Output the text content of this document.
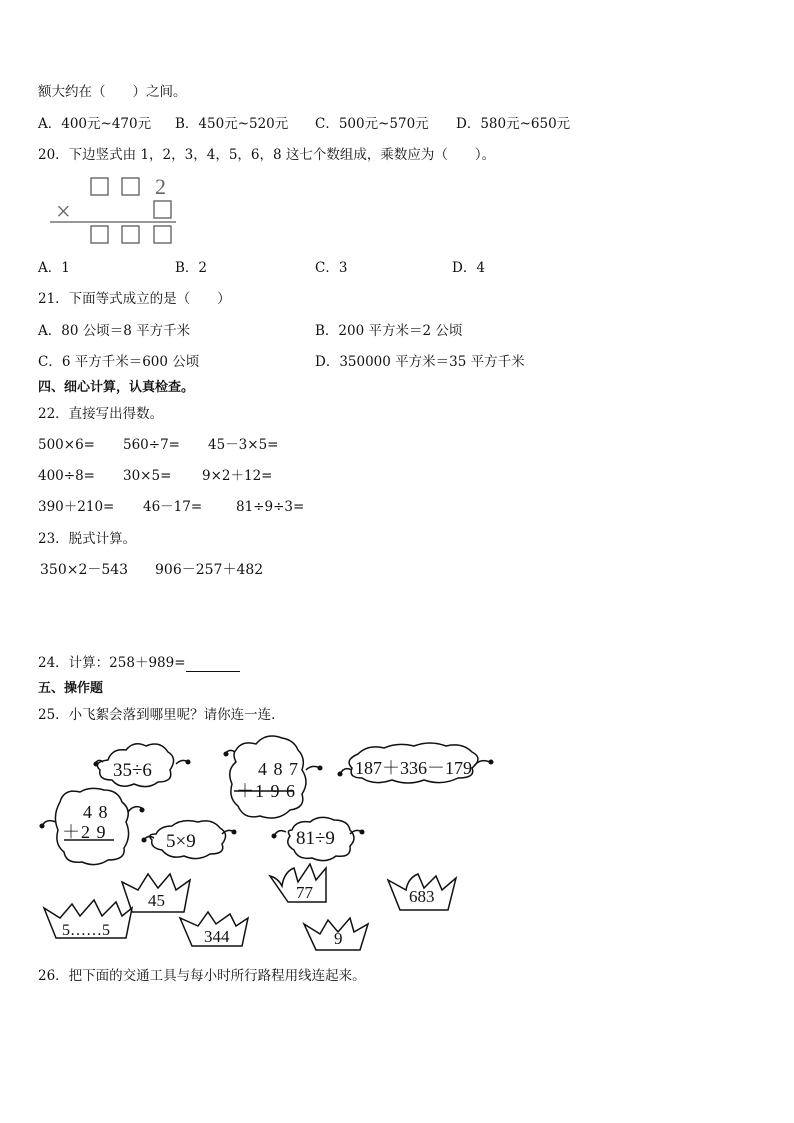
额大约在（　　）之间。
A．400元~470元 B．450元~520元 C．500元~570元 D．580元~650元
20．下边竖式由 1，2，3，4，5，6，8 这七个数组成，乘数应为（　　）。
2
×
A．1	B．2	C．3	D．4
21．下面等式成立的是（　　）
A．80 公顷＝8 平方千米	B．200 平方米＝2 公顷
C．6 平方千米＝600 公顷	D．350000 平方米＝35 平方千米
四、细心计算，认真检查。
22．直接写出得数。
500×6= 560÷7= 45－3×5=
400÷8= 30×5= 9×2＋12=
390＋210= 46－17=	81÷9÷3=
23．脱式计算。
350×2－543 906－257＋482
24．计算：258＋989=
五、操作题
25．小飞絮会落到哪里呢？请你连一连．
35÷6	4 8 7
＋1 9 6
187＋336－179
4 8
＋2 9	5×9	81÷9
45	77	683
5……5	344	9
26．把下面的交通工具与每小时所行路程用线连起来。
